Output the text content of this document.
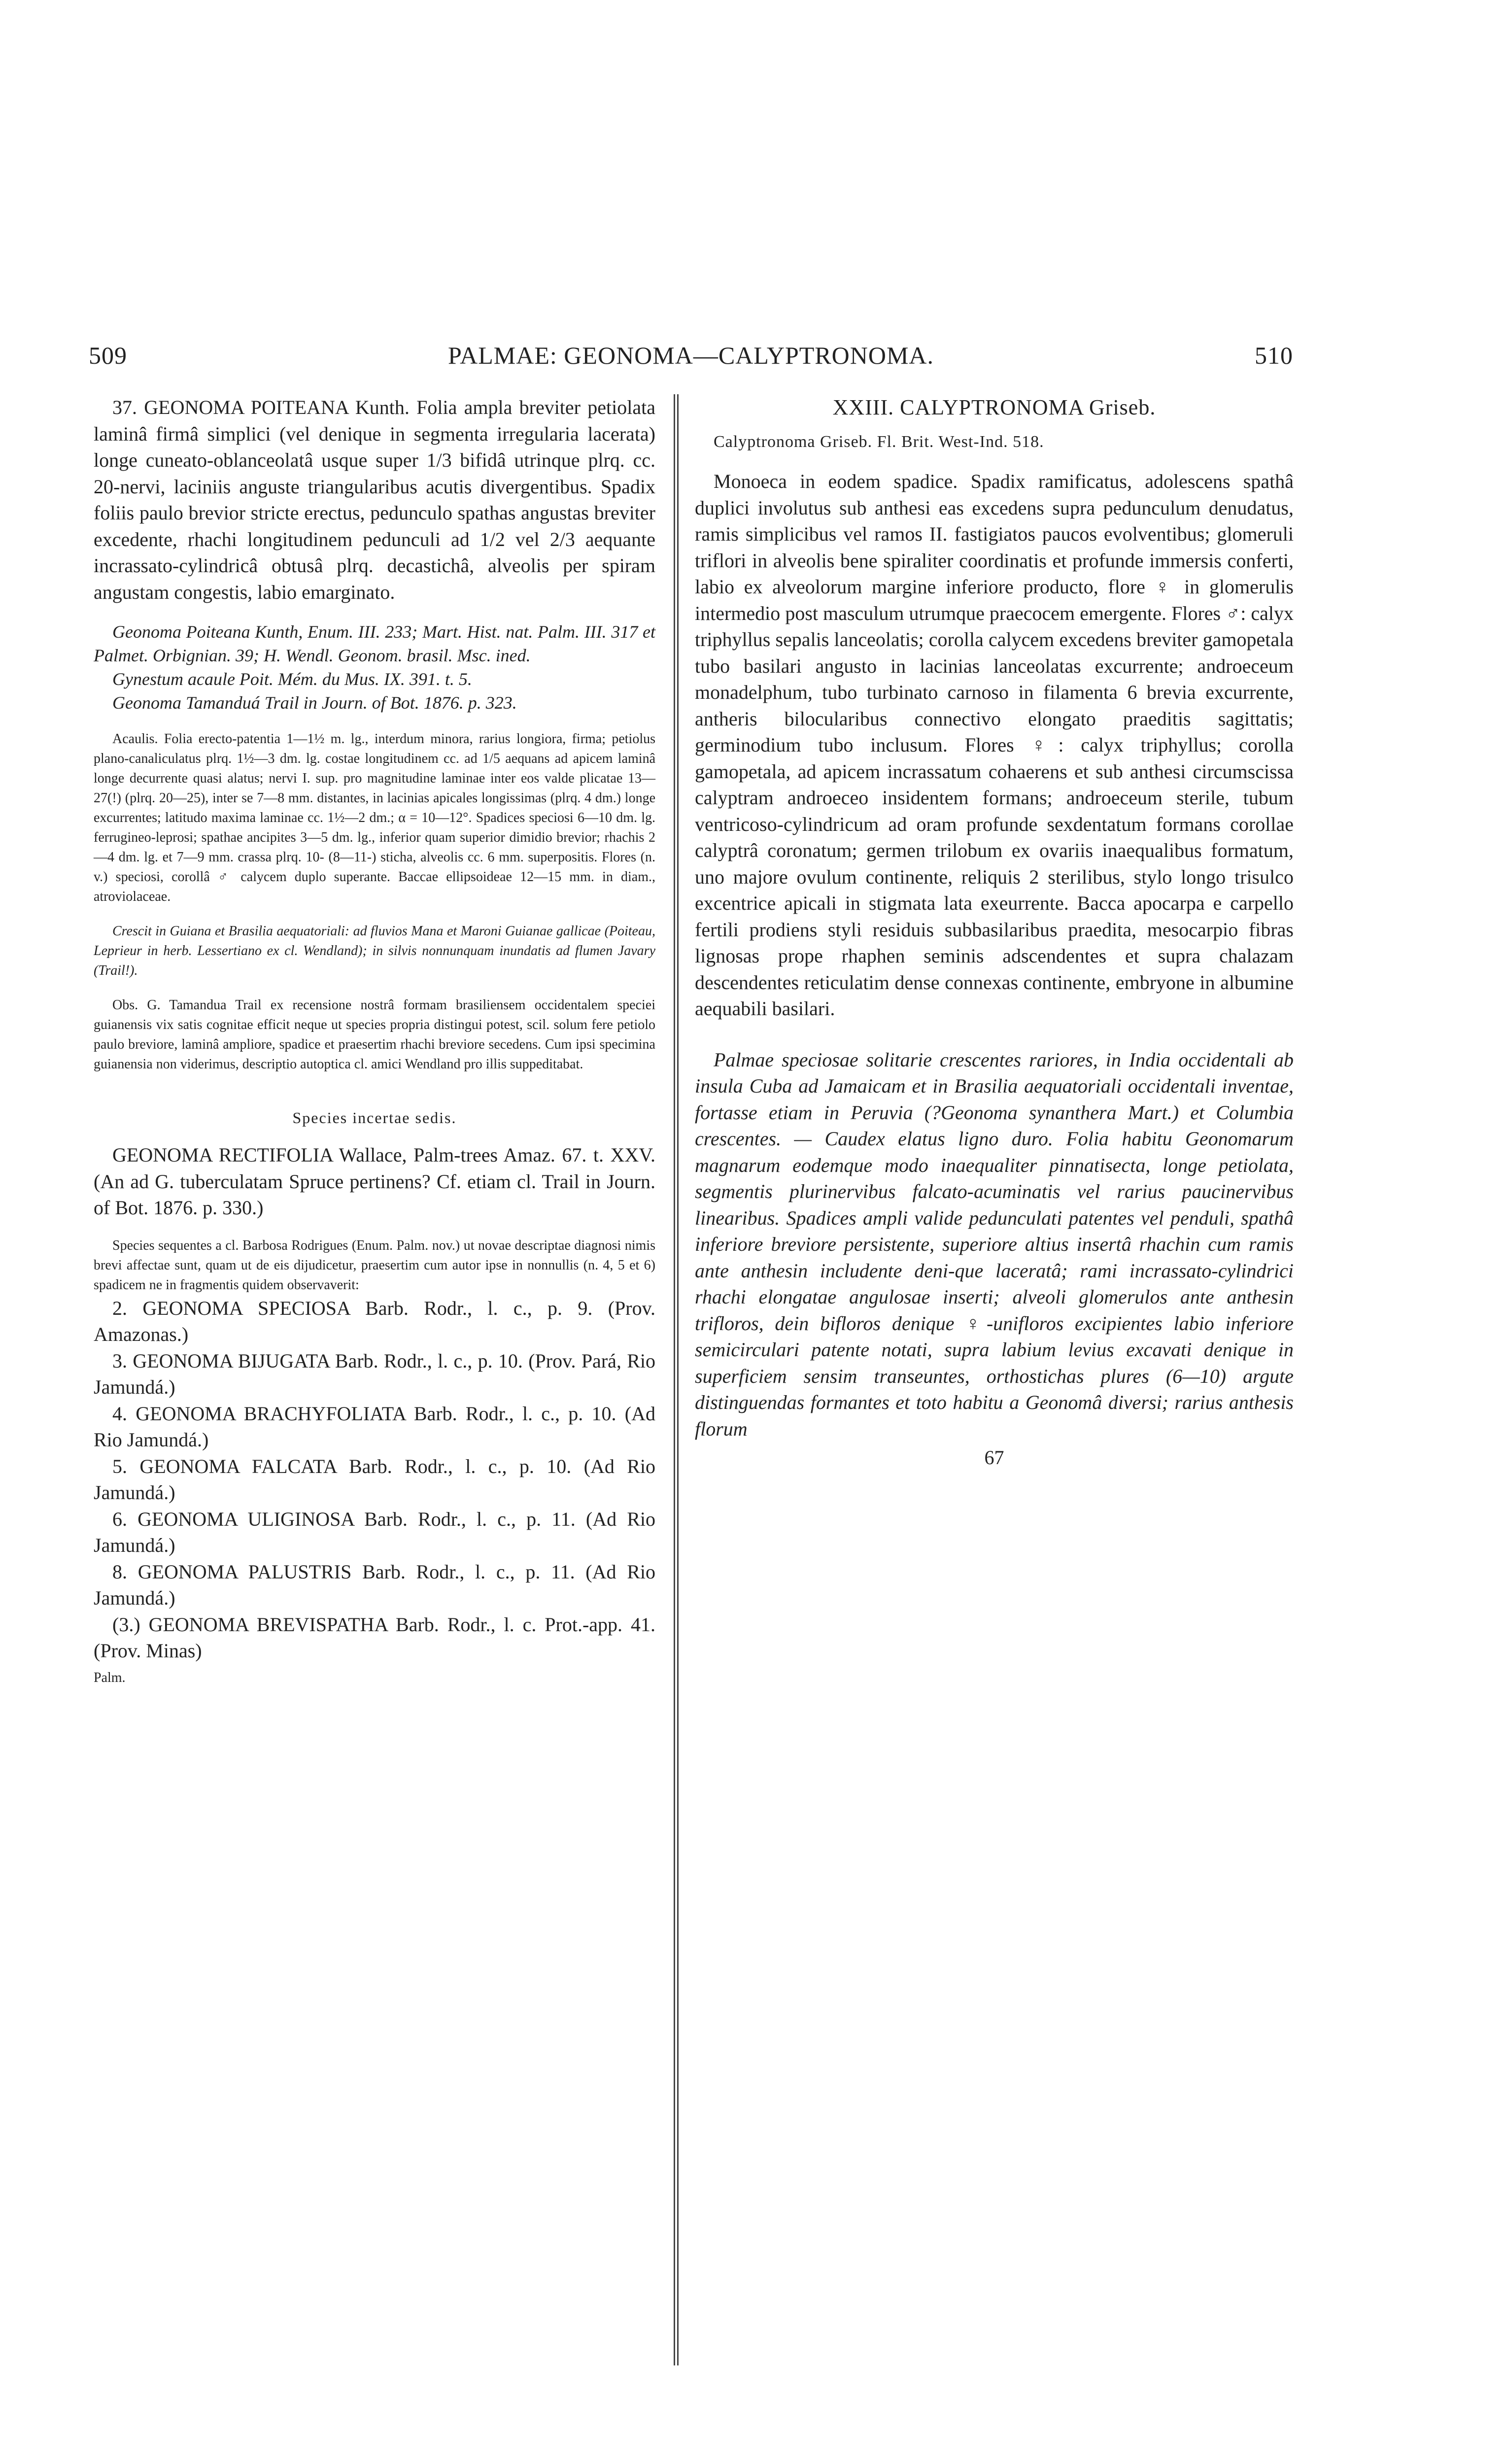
509	PALMAE: GEONOMA—CALYPTRONOMA.	510

37. GEONOMA POITEANA Kunth. Folia ampla breviter petiolata laminâ firmâ simplici (vel denique in segmenta irregularia lacerata) longe cuneato-oblanceolatâ usque super 1/3 bifidâ utrinque plrq. cc. 20-nervi, laciniis anguste triangularibus acutis divergentibus. Spadix foliis paulo brevior stricte erectus, pedunculo spathas angustas breviter excedente, rhachi longitudinem pedunculi ad 1/2 vel 2/3 aequante incrassato-cylindricâ obtusâ plrq. decastichâ, alveolis per spiram angustam congestis, labio emarginato.

Geonoma Poiteana Kunth, Enum. III. 233; Mart. Hist. nat. Palm. III. 317 et Palmet. Orbignian. 39; H. Wendl. Geonom. brasil. Msc. ined.

Gynestum acaule Poit. Mém. du Mus. IX. 391. t. 5.

Geonoma Tamanduá Trail in Journ. of Bot. 1876. p. 323.

Acaulis. Folia erecto-patentia 1—1½ m. lg., interdum minora, rarius longiora, firma; petiolus plano-canaliculatus plrq. 1½—3 dm. lg. costae longitudinem cc. ad 1/5 aequans ad apicem laminâ longe decurrente quasi alatus; nervi I. sup. pro magnitudine laminae inter eos valde plicatae 13—27(!) (plrq. 20—25), inter se 7—8 mm. distantes, in lacinias apicales longissimas (plrq. 4 dm.) longe excurrentes; latitudo maxima laminae cc. 1½—2 dm.; α = 10—12°. Spadices speciosi 6—10 dm. lg. ferrugineo-leprosi; spathae ancipites 3—5 dm. lg., inferior quam superior dimidio brevior; rhachis 2—4 dm. lg. et 7—9 mm. crassa plrq. 10- (8—11-) sticha, alveolis cc. 6 mm. superpositis. Flores (n. v.) speciosi, corollâ ♂ calycem duplo superante. Baccae ellipsoideae 12—15 mm. in diam., atroviolaceae.

Crescit in Guiana et Brasilia aequatoriali: ad fluvios Mana et Maroni Guianae gallicae (Poiteau, Leprieur in herb. Lessertiano ex cl. Wendland); in silvis nonnunquam inundatis ad flumen Javary (Trail!).

Obs. G. Tamandua Trail ex recensione nostrâ formam brasiliensem occidentalem speciei guianensis vix satis cognitae efficit neque ut species propria distingui potest, scil. solum fere petiolo paulo breviore, laminâ ampliore, spadice et praesertim rhachi breviore secedens. Cum ipsi specimina guianensia non viderimus, descriptio autoptica cl. amici Wendland pro illis suppeditabat.

Species incertae sedis.

GEONOMA RECTIFOLIA Wallace, Palm-trees Amaz. 67. t. XXV. (An ad G. tuberculatam Spruce pertinens? Cf. etiam cl. Trail in Journ. of Bot. 1876. p. 330.)

Species sequentes a cl. Barbosa Rodrigues (Enum. Palm. nov.) ut novae descriptae diagnosi nimis brevi affectae sunt, quam ut de eis dijudicetur, praesertim cum autor ipse in nonnullis (n. 4, 5 et 6) spadicem ne in fragmentis quidem observaverit:

2. GEONOMA SPECIOSA Barb. Rodr., l. c., p. 9. (Prov. Amazonas.)

3. GEONOMA BIJUGATA Barb. Rodr., l. c., p. 10. (Prov. Pará, Rio Jamundá.)

4. GEONOMA BRACHYFOLIATA Barb. Rodr., l. c., p. 10. (Ad Rio Jamundá.)

5. GEONOMA FALCATA Barb. Rodr., l. c., p. 10. (Ad Rio Jamundá.)

6. GEONOMA ULIGINOSA Barb. Rodr., l. c., p. 11. (Ad Rio Jamundá.)

8. GEONOMA PALUSTRIS Barb. Rodr., l. c., p. 11. (Ad Rio Jamundá.)

(3.) GEONOMA BREVISPATHA Barb. Rodr., l. c. Prot.-app. 41. (Prov. Minas)

Palm.

XXIII. CALYPTRONOMA Griseb.

Calyptronoma Griseb. Fl. Brit. West-Ind. 518.

Monoeca in eodem spadice. Spadix ramificatus, adolescens spathâ duplici involutus sub anthesi eas excedens supra pedunculum denudatus, ramis simplicibus vel ramos II. fastigiatos paucos evolventibus; glomeruli triflori in alveolis bene spiraliter coordinatis et profunde immersis conferti, labio ex alveolorum margine inferiore producto, flore ♀ in glomerulis intermedio post masculum utrumque praecocem emergente. Flores ♂: calyx triphyllus sepalis lanceolatis; corolla calycem excedens breviter gamopetala tubo basilari angusto in lacinias lanceolatas excurrente; androeceum monadelphum, tubo turbinato carnoso in filamenta 6 brevia excurrente, antheris bilocularibus connectivo elongato praeditis sagittatis; germinodium tubo inclusum. Flores ♀: calyx triphyllus; corolla gamopetala, ad apicem incrassatum cohaerens et sub anthesi circumscissa calyptram androeceo insidentem formans; androeceum sterile, tubum ventricoso-cylindricum ad oram profunde sexdentatum formans corollae calyptrâ coronatum; germen trilobum ex ovariis inaequalibus formatum, uno majore ovulum continente, reliquis 2 sterilibus, stylo longo trisulco excentrice apicali in stigmata lata exeurrente. Bacca apocarpa e carpello fertili prodiens styli residuis subbasilaribus praedita, mesocarpio fibras lignosas prope rhaphen seminis adscendentes et supra chalazam descendentes reticulatim dense connexas continente, embryone in albumine aequabili basilari.

Palmae speciosae solitarie crescentes rariores, in India occidentali ab insula Cuba ad Jamaicam et in Brasilia aequatoriali occidentali inventae, fortasse etiam in Peruvia (?Geonoma synanthera Mart.) et Columbia crescentes. — Caudex elatus ligno duro. Folia habitu Geonomarum magnarum eodemque modo inaequaliter pinnatisecta, longe petiolata, segmentis plurinervibus falcato-acuminatis vel rarius paucinervibus linearibus. Spadices ampli valide pedunculati patentes vel penduli, spathâ inferiore breviore persistente, superiore altius insertâ rhachin cum ramis ante anthesin includente deni-que laceratâ; rami incrassato-cylindrici rhachi elongatae angulosae inserti; alveoli glomerulos ante anthesin trifloros, dein bifloros denique ♀-unifloros excipientes labio inferiore semicirculari patente notati, supra labium levius excavati denique in superficiem sensim transeuntes, orthostichas plures (6—10) argute distinguendas formantes et toto habitu a Geonomâ diversi; rarius anthesis florum

67
